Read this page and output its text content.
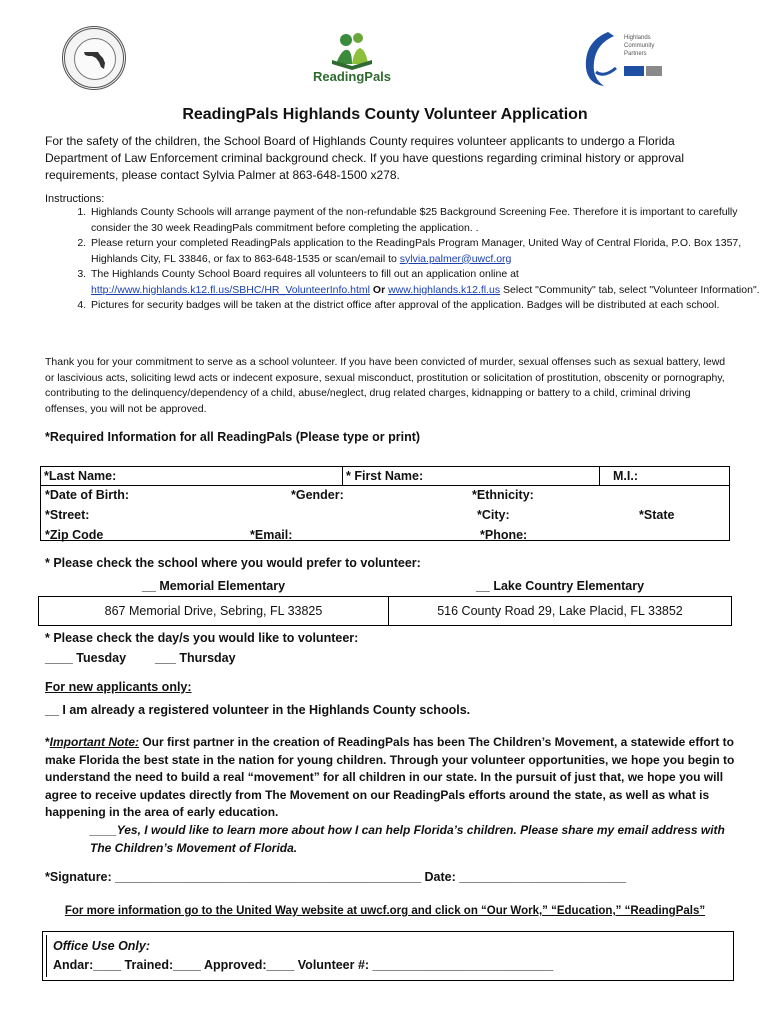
ReadingPals
Highlands
Community
Partners
ReadingPals Highlands County Volunteer Application
For the safety of the children, the School Board of Highlands County requires volunteer applicants to undergo a Florida Department of Law Enforcement criminal background check. If you have questions regarding criminal history or approval requirements, please contact Sylvia Palmer at 863-648-1500 x278.
Instructions:
1. Highlands County Schools will arrange payment of the non-refundable $25 Background Screening Fee. Therefore it is important to carefully consider the 30 week ReadingPals commitment before completing the application. .
2. Please return your completed ReadingPals application to the ReadingPals Program Manager, United Way of Central Florida, P.O. Box 1357, Highlands City, FL 33846, or fax to 863-648-1535 or scan/email to sylvia.palmer@uwcf.org
3. The Highlands County School Board requires all volunteers to fill out an application online at http://www.highlands.k12.fl.us/SBHC/HR_VolunteerInfo.html Or www.highlands.k12.fl.us Select "Community" tab, select "Volunteer Information".
4. Pictures for security badges will be taken at the district office after approval of the application. Badges will be distributed at each school.
Thank you for your commitment to serve as a school volunteer. If you have been convicted of murder, sexual offenses such as sexual battery, lewd or lascivious acts, soliciting lewd acts or indecent exposure, sexual misconduct, prostitution or solicitation of prostitution, obscenity or pornography, contributing to the delinquency/dependency of a child, abuse/neglect, drug related charges, kidnapping or battery to a child, criminal driving offenses, you will not be approved.
*Required Information for all ReadingPals (Please type or print)
*Last Name:	* First Name:	M.I.:

*Date of Birth:	*Gender:	*Ethnicity:
*Street:	*City:	*State
*Zip Code	*Email:	*Phone:
* Please check the school where you would prefer to volunteer:
__ Memorial Elementary	__ Lake Country Elementary
867 Memorial Drive, Sebring, FL 33825	516 County Road 29, Lake Placid, FL 33852
* Please check the day/s you would like to volunteer:
____ Tuesday ___ Thursday
For new applicants only:
__ I am already a registered volunteer in the Highlands County schools.
*Important Note: Our first partner in the creation of ReadingPals has been The Children’s Movement, a statewide effort to make Florida the best state in the nation for young children. Through your volunteer opportunities, we hope you begin to understand the need to build a real “movement” for all children in our state. In the pursuit of just that, we hope you will agree to receive updates directly from The Movement on our ReadingPals efforts around the state, as well as what is happening in the area of early education.
____Yes, I would like to learn more about how I can help Florida’s children. Please share my email address with The Children’s Movement of Florida.
*Signature: ____________________________________________ Date: ________________________
For more information go to the United Way website at uwcf.org and click on “Our Work,” “Education,” “ReadingPals”
Office Use Only:
Andar:____ Trained:____ Approved:____ Volunteer #: __________________________
